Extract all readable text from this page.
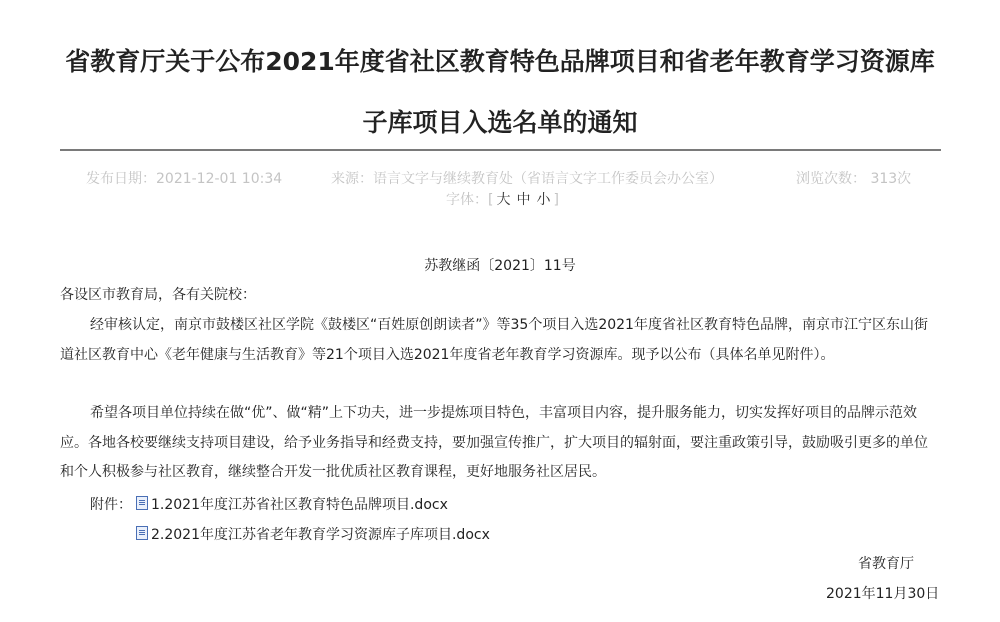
省教育厅关于公布2021年度省社区教育特色品牌项目和省老年教育学习资源库
子库项目入选名单的通知
发布日期：2021-12-01 10:34	来源：语言文字与继续教育处（省语言文字工作委员会办公室）	浏览次数： 313次
字体：[ 大 中 小 ]
苏教继函〔2021〕11号
各设区市教育局，各有关院校：
经审核认定，南京市鼓楼区社区学院《鼓楼区“百姓原创朗读者”》等35个项目入选2021年度省社区教育特色品牌，南京市江宁区东山街道社区教育中心《老年健康与生活教育》等21个项目入选2021年度省老年教育学习资源库。现予以公布（具体名单见附件）。
希望各项目单位持续在做“优”、做“精”上下功夫，进一步提炼项目特色，丰富项目内容，提升服务能力，切实发挥好项目的品牌示范效应。各地各校要继续支持项目建设，给予业务指导和经费支持，要加强宣传推广，扩大项目的辐射面，要注重政策引导，鼓励吸引更多的单位和个人积极参与社区教育，继续整合开发一批优质社区教育课程，更好地服务社区居民。
附件：	1.2021年度江苏省社区教育特色品牌项目.docx
2.2021年度江苏省老年教育学习资源库子库项目.docx
省教育厅
2021年11月30日
